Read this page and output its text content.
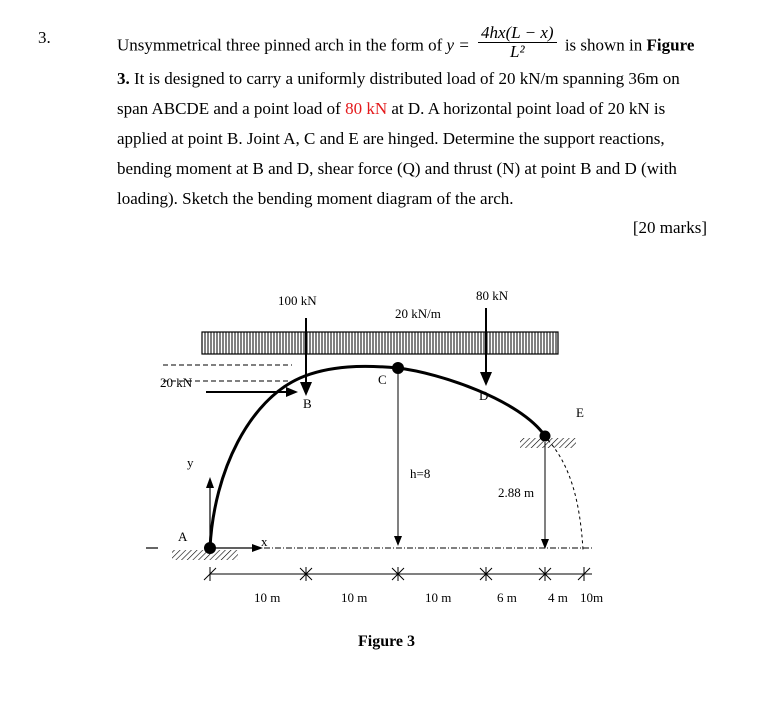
3.	Unsymmetrical three pinned arch in the form of $y = \frac{4hx(L - x)}{\text{L²}}$ is shown in Figure
3. It is designed to carry a uniformly distributed load of 20 kN/m spanning 36m on
span ABCDE and a point load of 80 kN at D. A horizontal point load of 20 kN is
applied at point B. Joint A, C and E are hinged. Determine the support reactions,
bending moment at B and D, shear force (Q) and thrust (N) at point B and D (with
loading). Sketch the bending moment diagram of the arch.
[20 marks]
100 kN
20 kN/m
80 kN
20 kN
B
C
D
E
A
y
x
h=8
2.88 m
10 m	10 m	10 m	6 m 4 m 10m
Figure 3
